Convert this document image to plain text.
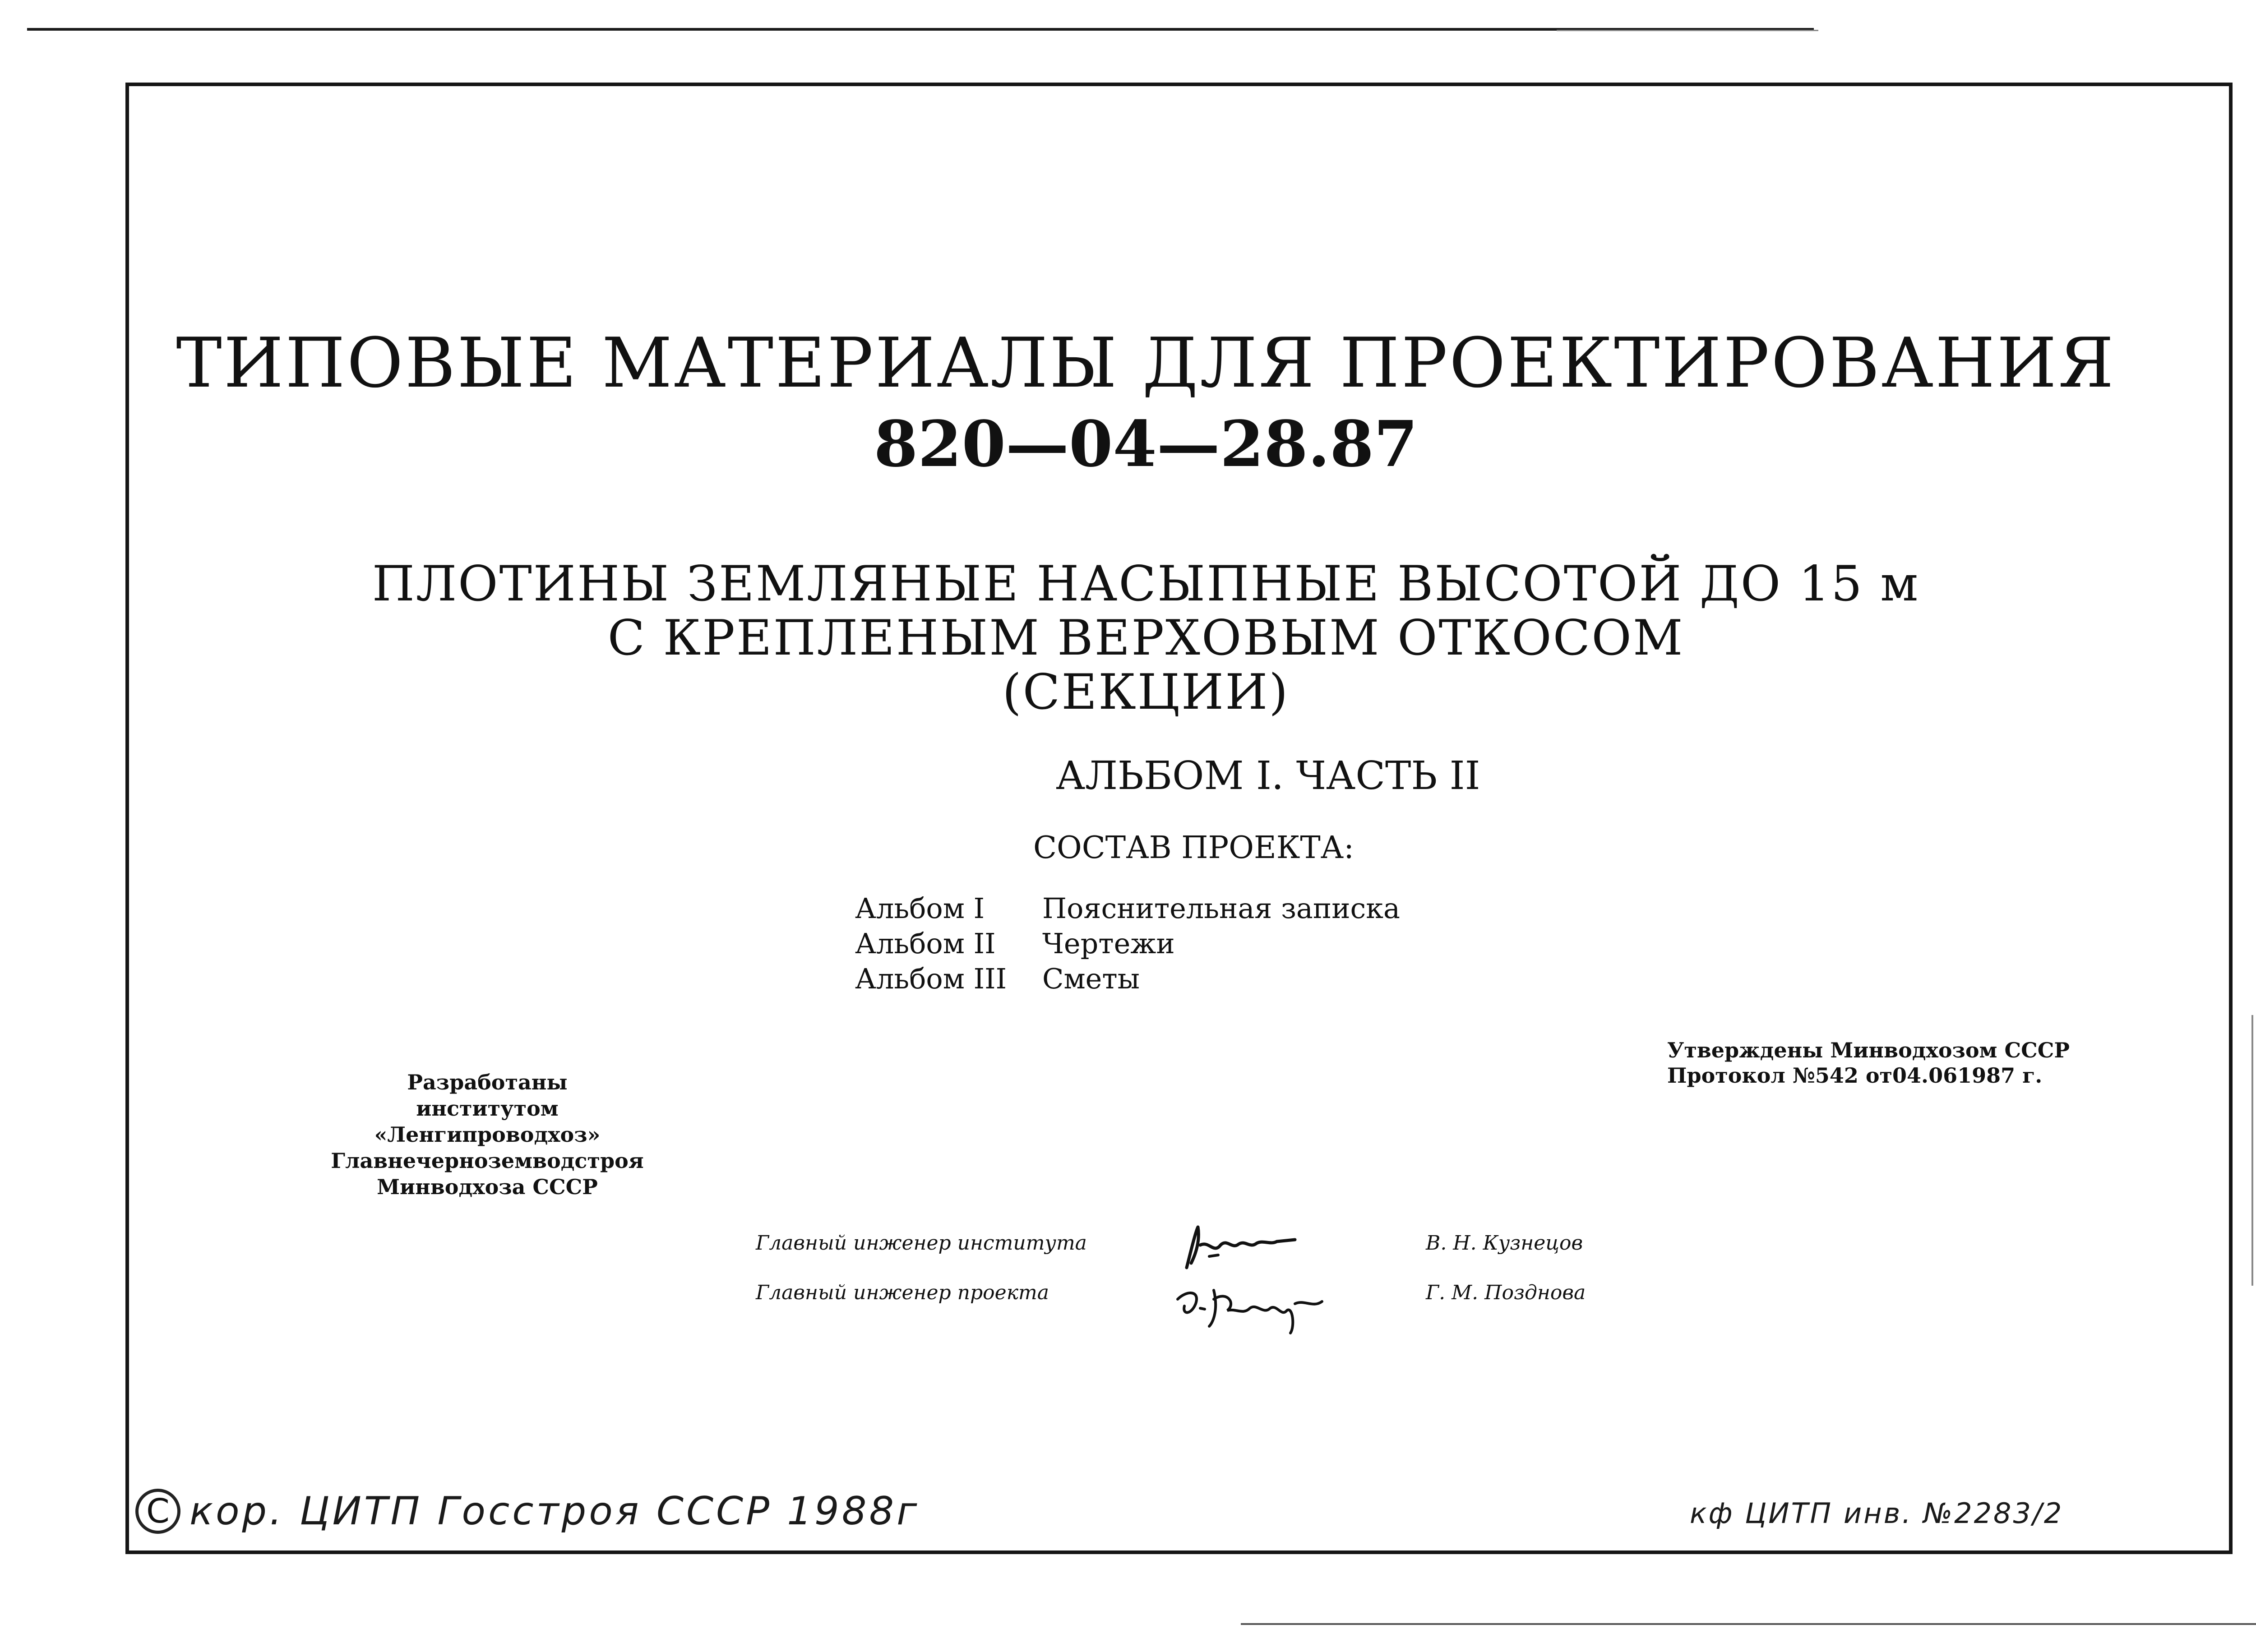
ТИПОВЫЕ МАТЕРИАЛЫ ДЛЯ ПРОЕКТИРОВАНИЯ
820—04—28.87
ПЛОТИНЫ ЗЕМЛЯНЫЕ НАСЫПНЫЕ ВЫСОТОЙ ДО 15 м
С КРЕПЛЕНЫМ ВЕРХОВЫМ ОТКОСОМ
(СЕКЦИИ)
АЛЬБОМ I. ЧАСТЬ II
СОСТАВ ПРОЕКТА:
Альбом I	Пояснительная записка
Альбом II	Чертежи
Альбом III	Сметы
Утверждены Минводхозом СССР
Протокол №542 от04.061987 г.
Разработаны
институтом «Ленгипроводхоз»
Главнечерноземводстроя
Минводхоза СССР
Главный инженер института	В. Н. Кузнецов
Главный инженер проекта	Г. М. Позднова
C кор. ЦИТП Госстроя СССР 1988г	кф ЦИТП инв. №2283/2
